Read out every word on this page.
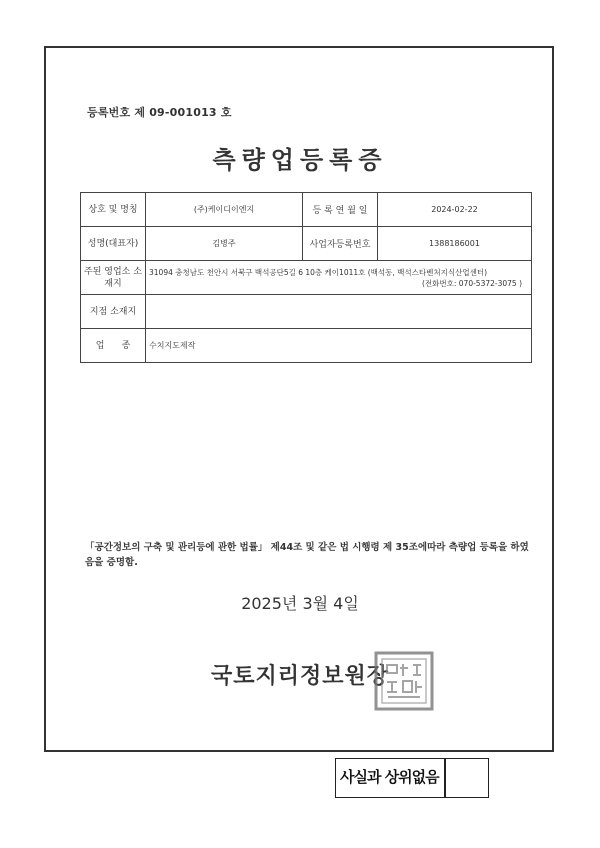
등록번호 제 09-001013 호
측량업등록증
상호 및 명칭	(주)케이디이엔지	등 록 연 월 일	2024-02-22
성명(대표자)	김병주	사업자등록번호	1388186001
주된 영업소 소재지	31094 충청남도 천안시 서북구 백석공단5길 6 10층 케이1011호 (백석동, 백석스타벤처지식산업센터)
(전화번호: 070-5372-3075 )		

지점 소재지			
업      종	수치지도제작		
「공간정보의 구축 및 관리등에 관한 법률」 제44조 및 같은 법 시행령 제 35조에따라 측량업 등록을 하였음을 증명함.
2025년 3월 4일
국토지리정보원장
사실과 상위없음
